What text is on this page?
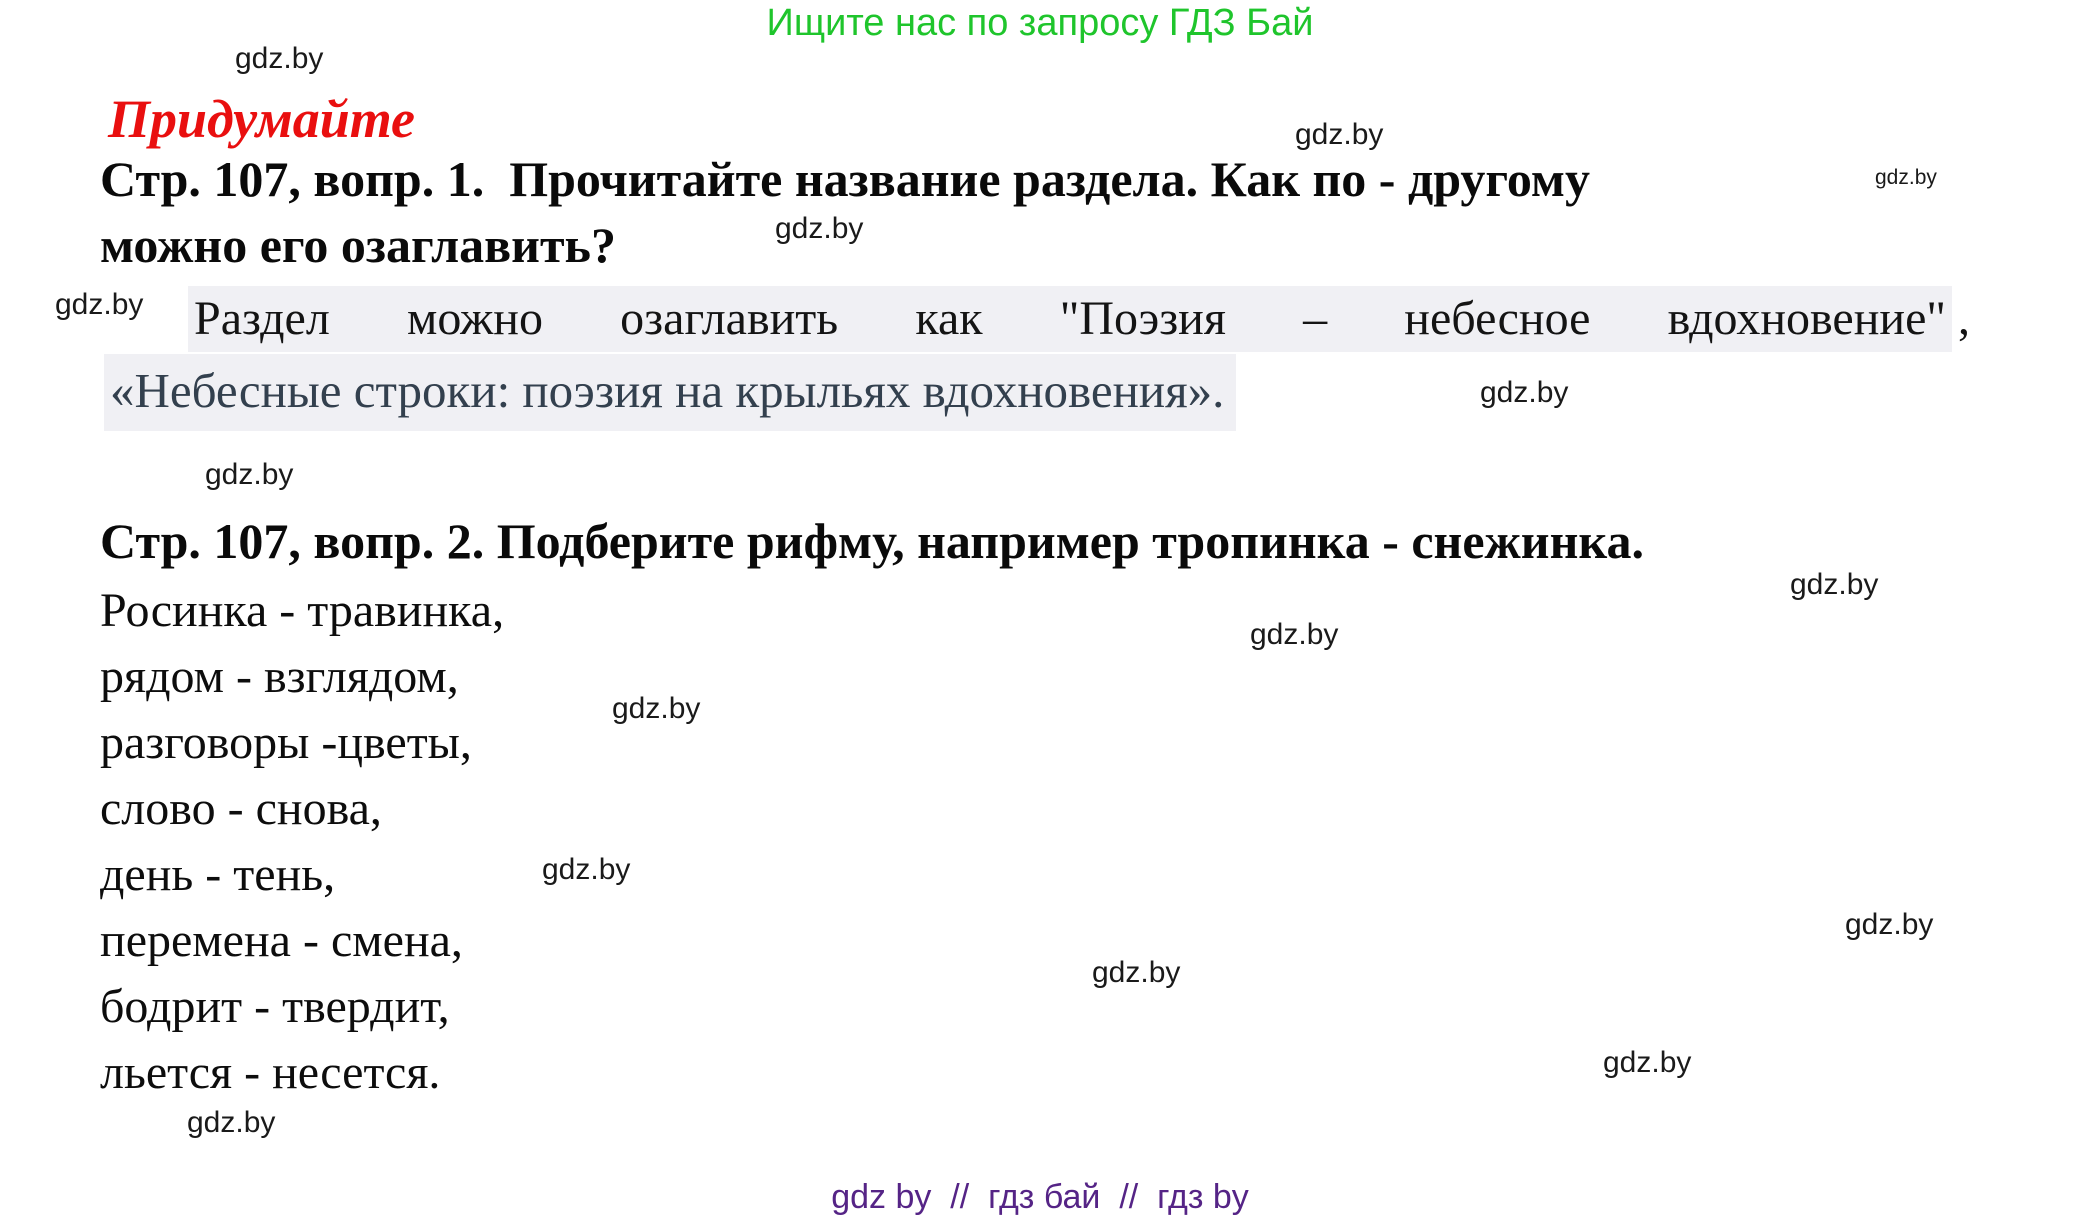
Ищите нас по запросу ГДЗ Бай
gdz.by
gdz.by
gdz.by
gdz.by
gdz.by
gdz.by
gdz.by
gdz.by
gdz.by
gdz.by
gdz.by
gdz.by
gdz.by
gdz.by
gdz.by
Придумайте
Стр. 107, вопр. 1.  Прочитайте название раздела. Как по - другому
можно его озаглавить?
Раздел можно озаглавить как "Поэзия – небесное вдохновение" ,
«Небесные строки: поэзия на крыльях вдохновения».
Стр. 107, вопр. 2. Подберите рифму, например тропинка - снежинка.
Росинка - травинка,
рядом - взглядом,
разговоры -цветы,
слово - снова,
день - тень,
перемена - смена,
бодрит - твердит,
льется - несется.
gdz by  //  гдз бай  //  гдз by
